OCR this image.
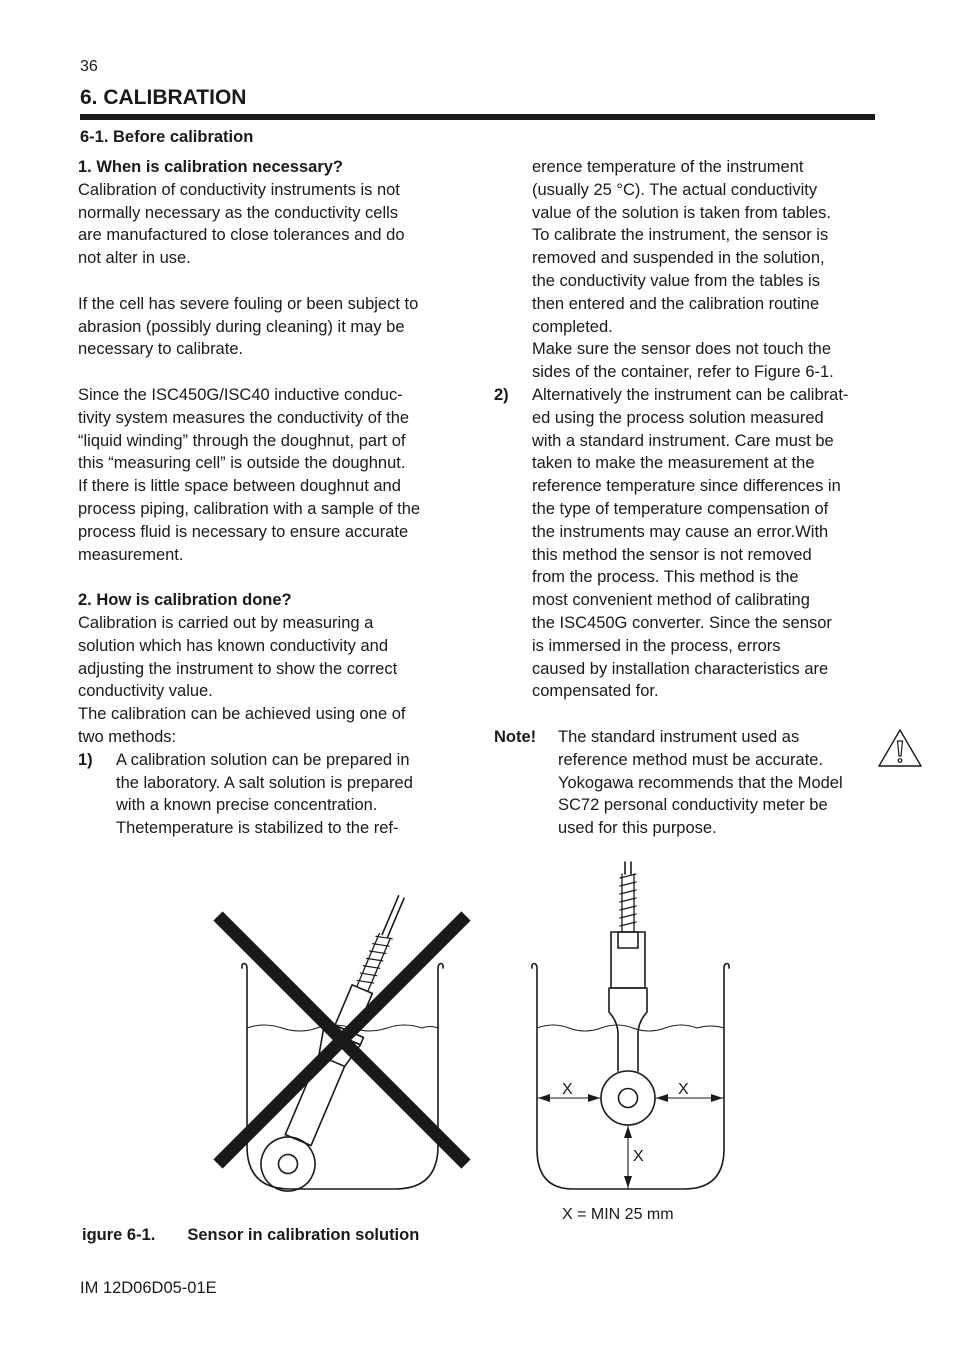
36
6. CALIBRATION
6-1. Before calibration

1. When is calibration necessary?

Calibration of conductivity instruments is not

normally necessary as the conductivity cells

are manufactured to close tolerances and do

not alter in use.

If the cell has severe fouling or been subject to

abrasion (possibly during cleaning) it may be

necessary to calibrate.

Since the ISC450G/ISC40 inductive conduc-

tivity system measures the conductivity of the

“liquid winding” through the doughnut, part of

this “measuring cell” is outside the doughnut.

If there is little space between doughnut and

process piping, calibration with a sample of the

process fluid is necessary to ensure accurate

measurement.

2. How is calibration done?

Calibration is carried out by measuring a

solution which has known conductivity and

adjusting the instrument to show the correct

conductivity value.

The calibration can be achieved using one of

two methods:

1)	A calibration solution can be prepared in

the laboratory. A salt solution is prepared

with a known precise concentration.

Thetemperature is stabilized to the ref-

erence temperature of the instrument

(usually 25 °C). The actual conductivity

value of the solution is taken from tables.

To calibrate the instrument, the sensor is

removed and suspended in the solution,

the conductivity value from the tables is

then entered and the calibration routine

completed.

Make sure the sensor does not touch the

sides of the container, refer to Figure 6-1.

2)	Alternatively the instrument can be calibrat-

ed using the process solution measured

with a standard instrument. Care must be

taken to make the measurement at the

reference temperature since differences in

the type of temperature compensation of

the instruments may cause an error.With

this method the sensor is not removed

from the process. This method is the

most convenient method of calibrating

the ISC450G converter. Since the sensor

is immersed in the process, errors

caused by installation characteristics are

compensated for.

Note!	The standard instrument used as

reference method must be accurate.

Yokogawa recommends that the Model

SC72 personal conductivity meter be

used for this purpose.

X	X
X
X = MIN 25 mm
igure 6-1. Sensor in calibration solution
IM 12D06D05-01E
